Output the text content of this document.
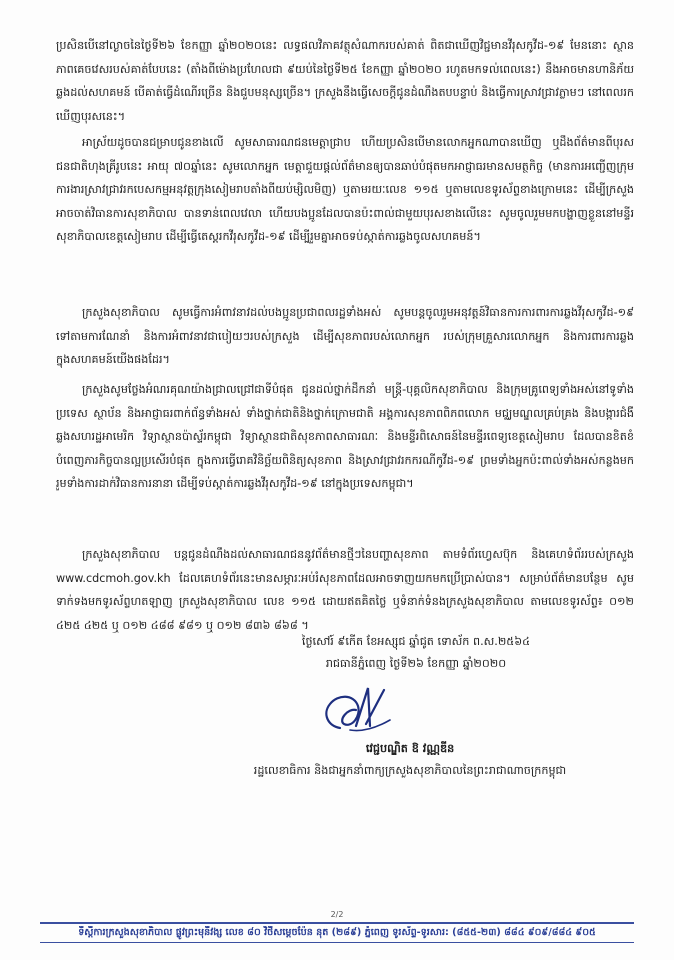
ប្រសិនបើនៅល្ងាចនៃថ្ងៃទី២៦ ខែកញ្ញា ឆ្នាំ២០២០នេះ លទ្ធផលវិភាគវត្ថុសំណាករបស់គាត់ ពិតជាឃើញវិជ្ជមានវីរុសកូវីដ-១៩ មែននោះ ស្ថានភាពគេចវេសរបស់គាត់បែបនេះ (តាំងពីម៉ោងប្រហែលជា ៩យប់នៃថ្ងៃទី២៥ ខែកញ្ញា ឆ្នាំ២០២០ រហូតមកទល់ពេលនេះ) នឹងអាចមានហានិភ័យឆ្លងដល់សហគមន៍ បើគាត់ធ្វើដំណើរច្រើន និងជួបមនុស្សច្រើន។ ក្រសួងនឹងធ្វើសេចក្ដីជូនដំណឹងតបបន្ទាប់ និងធ្វើការស្រាវជ្រាវភ្លាមៗ នៅពេលរកឃើញបុរសនេះ។

អាស្រ័យដូចបានជម្រាបជូនខាងលើ សូមសាធារណជនមេត្តាជ្រាប ហើយប្រសិនបើមានលោកអ្នកណាបានឃើញ ឬដឹងព័ត៌មានពីបុរសជនជាតិហុងគ្រីរូបនេះ អាយុ ៧០ឆ្នាំនេះ សូមលោកអ្នក មេត្តាជួយផ្ដល់ព័ត៌មានឲ្យបានឆាប់បំផុតមកអាជ្ញាធរមានសមត្ថកិច្ច (មានការអញ្ជើញក្រុមការងារស្រាវជ្រាវរកបេសកម្មអនុវត្តក្រុងសៀមរាបតាំងពីយប់ម្សិលមិញ) ឬតាមរយៈលេខ ១១៥ ឬតាមលេខទូរស័ព្ទខាងក្រោមនេះ ដើម្បីក្រសួង អាចចាត់វិធានការសុខាភិបាល បានទាន់ពេលវេលា ហើយបងប្អូនដែលបានប៉ះពាល់ជាមួយបុរសខាងលើនេះ សូមចូលរួមមកបង្ហាញខ្លួននៅមន្ទីរសុខាភិបាលខេត្តសៀមរាប ដើម្បីធ្វើតេស្តរកវីរុសកូវីដ-១៩ ដើម្បីរួមគ្នាអាចទប់ស្កាត់ការឆ្លងចូលសហគមន៍។

ក្រសួងសុខាភិបាល សូមធ្វើការអំពាវនាវដល់បងប្អូនប្រជាពលរដ្ឋទាំងអស់ សូមបន្តចូលរួមអនុវត្តន៍វិធានការការពារការឆ្លងវីរុសកូវីដ-១៩ ទៅតាមការណែនាំ និងការអំពាវនាវជាបៀយៗរបស់ក្រសួង ដើម្បីសុខភាពរបស់លោកអ្នក របស់ក្រុមគ្រួសារលោកអ្នក និងការពារការឆ្លងក្នុងសហគមន៍យើងផងដែរ។

ក្រសួងសូមថ្លែងអំណរគុណយ៉ាងជ្រាលជ្រៅជាទីបំផុត ជូនដល់ថ្នាក់ដឹកនាំ មន្ត្រី-បុគ្គលិកសុខាភិបាល និងក្រុមគ្រូពេទ្យទាំងអស់នៅទូទាំងប្រទេស ស្ថាប័ន និងអាជ្ញាធរពាក់ព័ន្ធទាំងអស់ ទាំងថ្នាក់ជាតិនិងថ្នាក់ក្រោមជាតិ អង្គការសុខភាពពិភពលោក មជ្ឈមណ្ឌលគ្រប់គ្រង និងបង្ការជំងឺឆ្លងសហរដ្ឋអាមេរិក វិទ្យាស្ថានប៉ាស្ទ័រកម្ពុជា វិទ្យាស្ថានជាតិសុខភាពសាធារណៈ និងមន្ទីរពិសោធន៍នៃមន្ទីរពេទ្យខេត្តសៀមរាប ដែលបានខិតខំបំពេញភារកិច្ចបានល្អប្រសើរបំផុត ក្នុងការធ្វើរោគវិនិច្ឆ័យពិនិត្យសុខភាព និងស្រាវជ្រាវរកករណីកូវីដ-១៩ ព្រមទាំងអ្នកប៉ះពាល់ទាំងអស់កន្លងមក រួមទាំងការដាក់វិធានការនានា ដើម្បីទប់ស្កាត់ការឆ្លងវីរុសកូវីដ-១៩ នៅក្នុងប្រទេសកម្ពុជា។

ក្រសួងសុខាភិបាល បន្តជូនដំណឹងដល់សាធារណជននូវព័ត៌មានថ្មីៗនៃបញ្ហាសុខភាព តាមទំព័រហ្វេសប៊ុក និងគេហទំព័ររបស់ក្រសួង www.cdcmoh.gov.kh ដែលគេហទំព័រនេះមានសម្ភារៈអប់រំសុខភាពដែលអាចទាញយកមកប្រើប្រាស់បាន។ សម្រាប់ព័ត៌មានបន្ថែម សូមទាក់ទងមកទូរស័ព្ទហតឡាញ ក្រសួងសុខាភិបាល លេខ ១១៥ ដោយឥតគិតថ្លៃ ឬទំនាក់ទំនងក្រសួងសុខាភិបាល តាមលេខទូរស័ព្ទ៖ ០១២ ៤២៥ ៤២៥ ឬ ០១២ ៤៨៨ ៩៨១ ឬ ០១២ ៨៣៦ ៨៦៨ ។

ថ្ងៃសៅរ៍ ៩កើត ខែអស្សុជ ឆ្នាំជូត ទោស័ក ព.ស.២៥៦៤
រាជធានីភ្នំពេញ ថ្ងៃទី២៦ ខែកញ្ញា ឆ្នាំ២០២០
វេជ្ជបណ្ឌិត ឱ វណ្ណឌីន
រដ្ឋលេខាធិការ និងជាអ្នកនាំពាក្យក្រសួងសុខាភិបាលនៃព្រះរាជាណាចក្រកម្ពុជា
2/2
ទីស្តីការក្រសួងសុខាភិបាល ផ្លូវព្រះមុនីវង្ស លេខ ៨០ វិថីសម្ដេចប៉ែន នុត (២៨៩) ភ្នំពេញ ទូរស័ព្ទ-ទូរសារ: (៨៥៥-២៣) ៨៨៤ ៩០៩/៨៨៤ ៩០៥
